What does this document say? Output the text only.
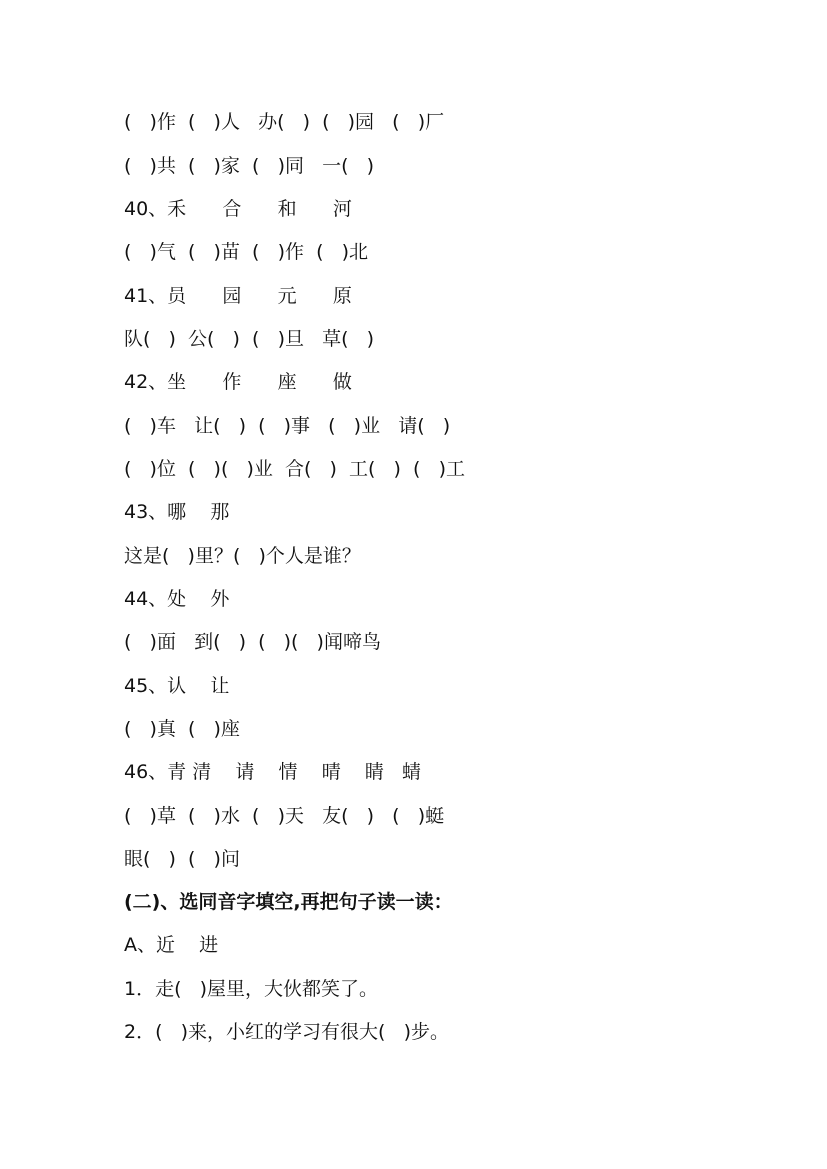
(   )作  (   )人   办(   )  (   )园   (   )厂
(   )共  (   )家  (   )同   一(   )
40、禾      合      和      河
(   )气  (   )苗  (   )作  (   )北
41、员      园      元      原
队(   )  公(   )  (   )旦   草(   )
42、坐      作      座      做
(   )车   让(   )  (   )事   (   )业   请(   )
(   )位  (   )(   )业  合(   )  工(   )  (   )工
43、哪    那
这是(   )里？(   )个人是谁？
44、处    外
(   )面   到(   )  (   )(   )闻啼鸟
45、认    让
(   )真  (   )座
46、青 清    请    情    晴    睛   蜻
(   )草  (   )水  (   )天   友(   )   (   )蜓
眼(   )  (   )问
(二)、选同音字填空,再把句子读一读：
A、近    进
1．走(   )屋里，大伙都笑了。
2．(   )来，小红的学习有很大(   )步。
